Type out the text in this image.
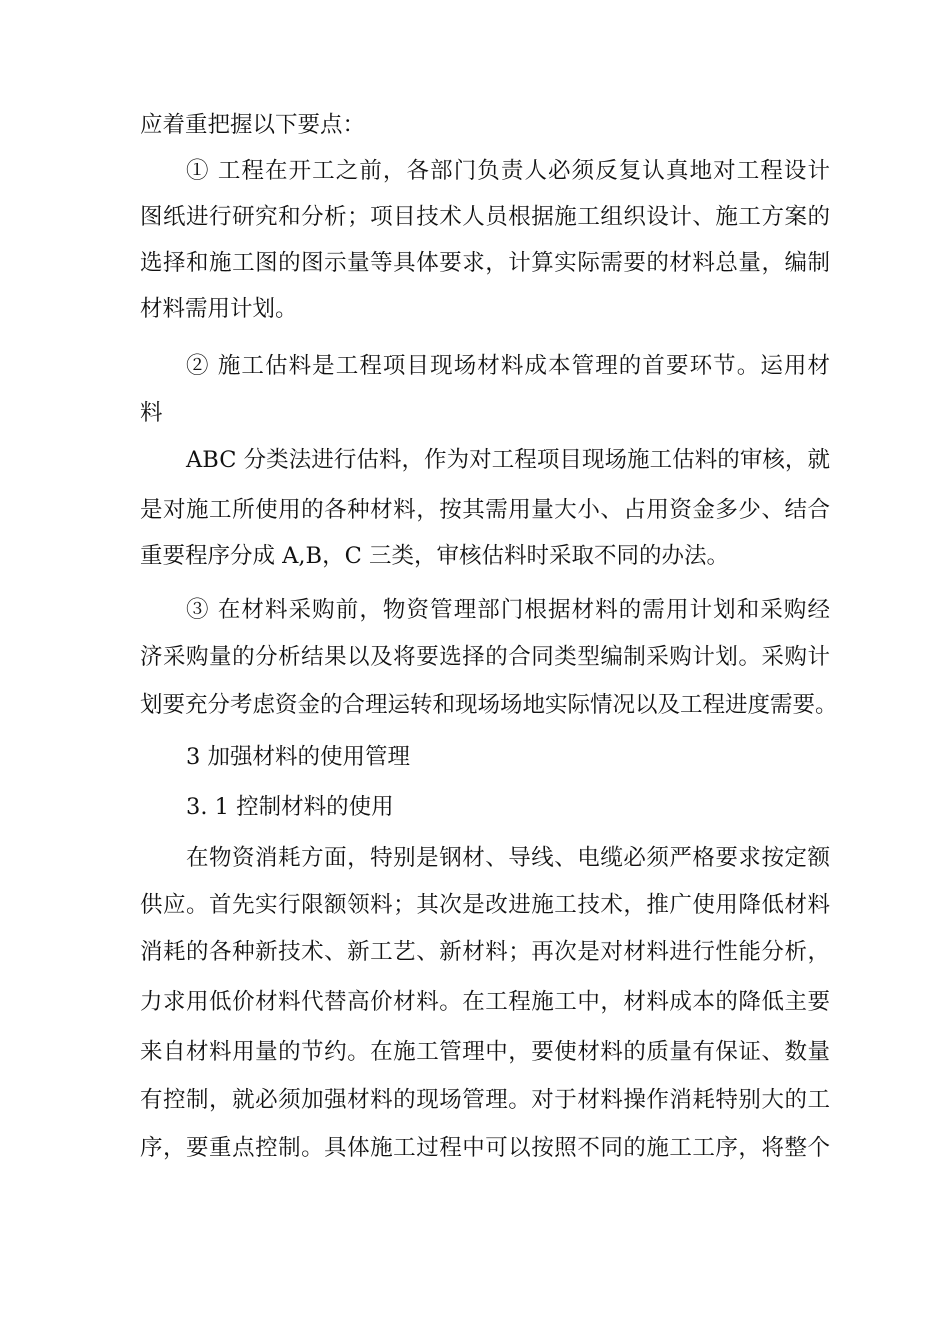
应着重把握以下要点：
① 工程在开工之前，各部门负责人必须反复认真地对工程设计
图纸进行研究和分析；项目技术人员根据施工组织设计、施工方案的
选择和施工图的图示量等具体要求，计算实际需要的材料总量，编制
材料需用计划。
② 施工估料是工程项目现场材料成本管理的首要环节。运用材
料
ABC 分类法进行估料，作为对工程项目现场施工估料的审核，就
是对施工所使用的各种材料，按其需用量大小、占用资金多少、结合
重要程序分成 A,B，C 三类，审核估料时采取不同的办法。
③ 在材料采购前，物资管理部门根据材料的需用计划和采购经
济采购量的分析结果以及将要选择的合同类型编制采购计划。采购计
划要充分考虑资金的合理运转和现场场地实际情况以及工程进度需要。
3 加强材料的使用管理
3. 1 控制材料的使用
在物资消耗方面，特别是钢材、导线、电缆必须严格要求按定额
供应。首先实行限额领料；其次是改进施工技术，推广使用降低材料
消耗的各种新技术、新工艺、新材料；再次是对材料进行性能分析，
力求用低价材料代替高价材料。在工程施工中，材料成本的降低主要
来自材料用量的节约。在施工管理中，要使材料的质量有保证、数量
有控制，就必须加强材料的现场管理。对于材料操作消耗特别大的工
序，要重点控制。具体施工过程中可以按照不同的施工工序，将整个
